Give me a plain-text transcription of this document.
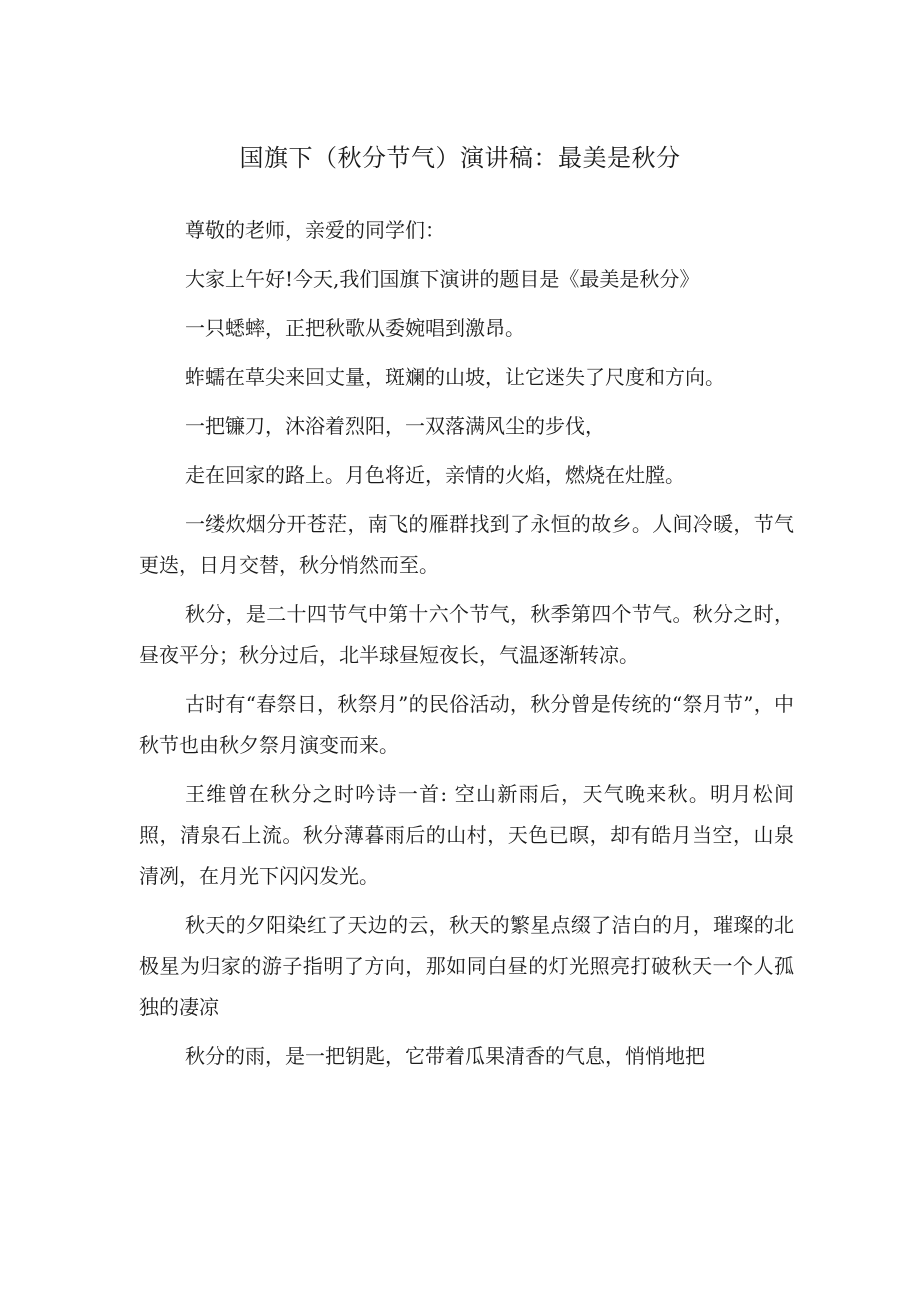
国旗下（秋分节气）演讲稿：最美是秋分

尊敬的老师，亲爱的同学们：

大家上午好!今天,我们国旗下演讲的题目是《最美是秋分》

一只蟋蟀，正把秋歌从委婉唱到激昂。

蚱蠕在草尖来回丈量，斑斓的山坡，让它迷失了尺度和方向。

一把镰刀，沐浴着烈阳，一双落满风尘的步伐，

走在回家的路上。月色将近，亲情的火焰，燃烧在灶膛。

一缕炊烟分开苍茫，南飞的雁群找到了永恒的故乡。人间冷暖，节气更迭，日月交替，秋分悄然而至。

秋分，是二十四节气中第十六个节气，秋季第四个节气。秋分之时，昼夜平分；秋分过后，北半球昼短夜长，气温逐渐转凉。

古时有“春祭日，秋祭月”的民俗活动，秋分曾是传统的“祭月节”，中秋节也由秋夕祭月演变而来。

王维曾在秋分之时吟诗一首: 空山新雨后，天气晚来秋。明月松间照，清泉石上流。秋分薄暮雨后的山村，天色已暝，却有皓月当空，山泉清冽，在月光下闪闪发光。

秋天的夕阳染红了天边的云，秋天的繁星点缀了洁白的月，璀璨的北极星为归家的游子指明了方向，那如同白昼的灯光照亮打破秋天一个人孤独的凄凉

秋分的雨，是一把钥匙，它带着瓜果清香的气息，悄悄地把
